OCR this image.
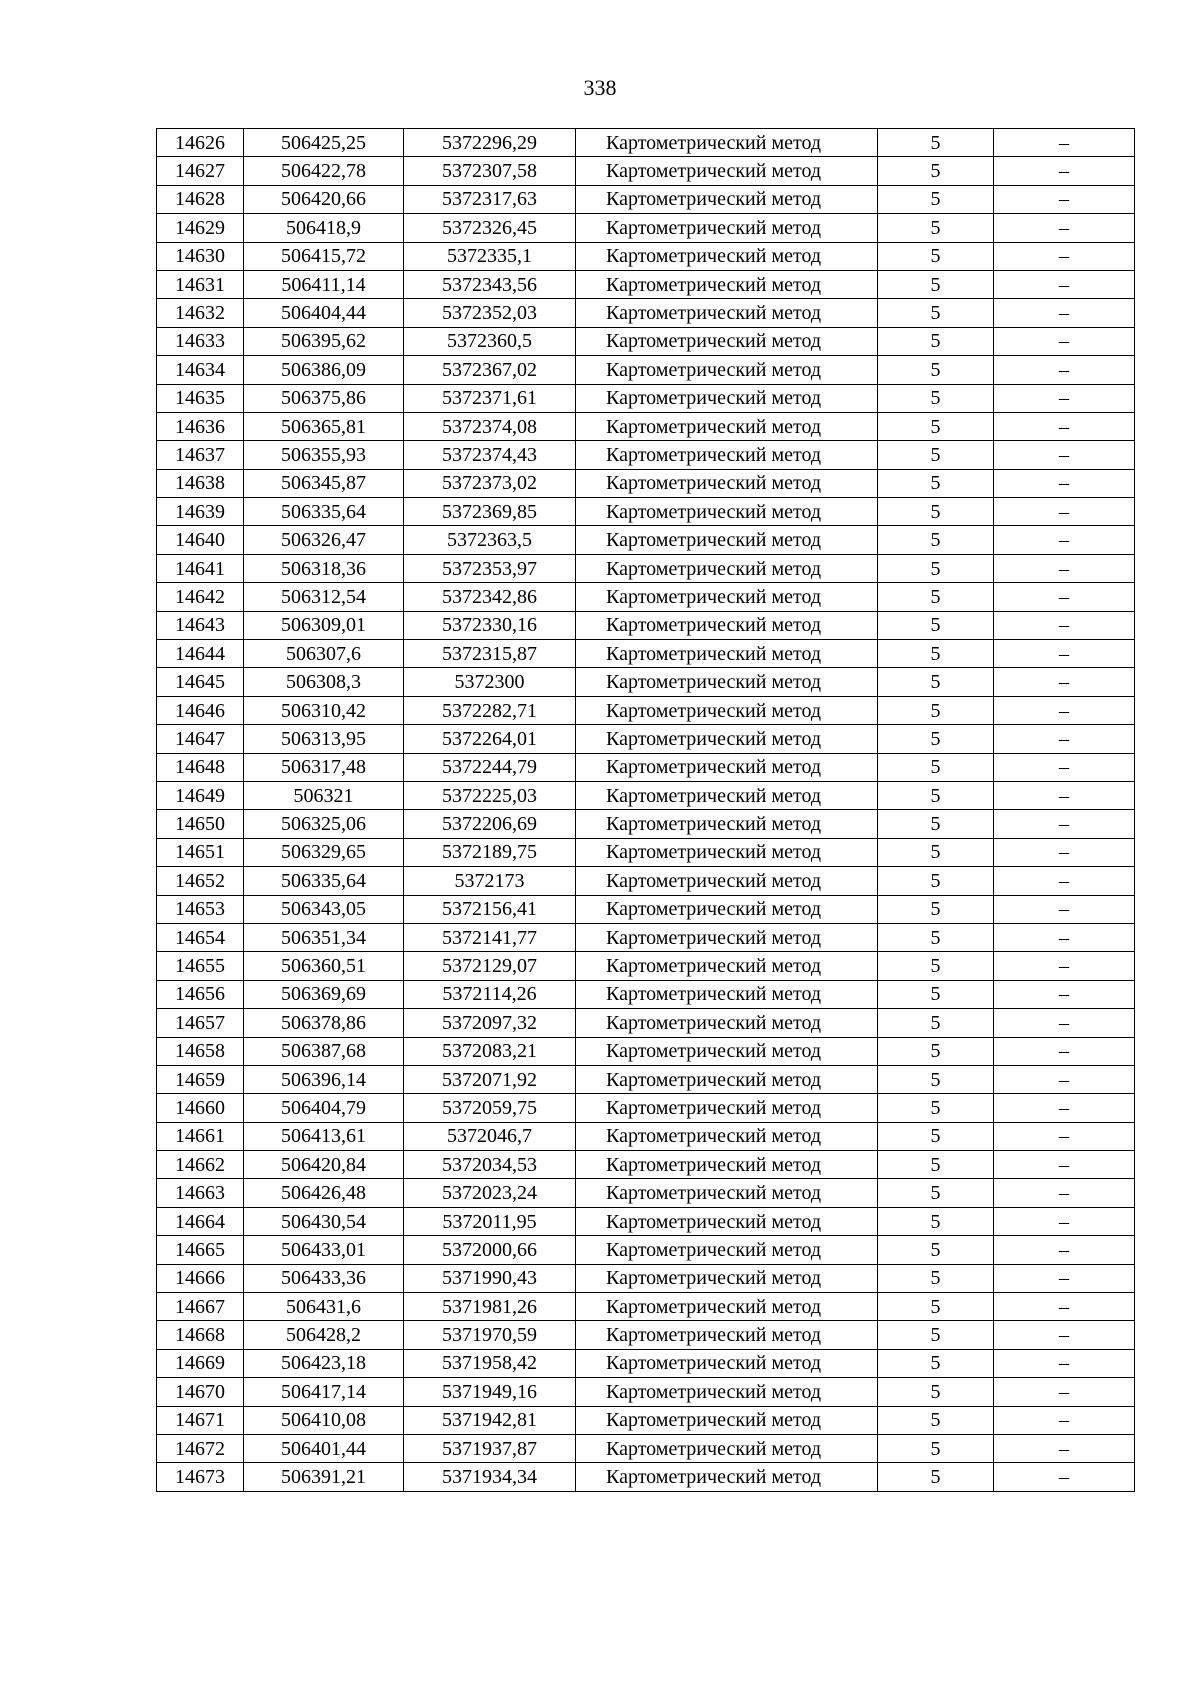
338
14626	506425,25	5372296,29	Картометрический метод	5	–
14627	506422,78	5372307,58	Картометрический метод	5	–
14628	506420,66	5372317,63	Картометрический метод	5	–
14629	506418,9	5372326,45	Картометрический метод	5	–
14630	506415,72	5372335,1	Картометрический метод	5	–
14631	506411,14	5372343,56	Картометрический метод	5	–
14632	506404,44	5372352,03	Картометрический метод	5	–
14633	506395,62	5372360,5	Картометрический метод	5	–
14634	506386,09	5372367,02	Картометрический метод	5	–
14635	506375,86	5372371,61	Картометрический метод	5	–
14636	506365,81	5372374,08	Картометрический метод	5	–
14637	506355,93	5372374,43	Картометрический метод	5	–
14638	506345,87	5372373,02	Картометрический метод	5	–
14639	506335,64	5372369,85	Картометрический метод	5	–
14640	506326,47	5372363,5	Картометрический метод	5	–
14641	506318,36	5372353,97	Картометрический метод	5	–
14642	506312,54	5372342,86	Картометрический метод	5	–
14643	506309,01	5372330,16	Картометрический метод	5	–
14644	506307,6	5372315,87	Картометрический метод	5	–
14645	506308,3	5372300	Картометрический метод	5	–
14646	506310,42	5372282,71	Картометрический метод	5	–
14647	506313,95	5372264,01	Картометрический метод	5	–
14648	506317,48	5372244,79	Картометрический метод	5	–
14649	506321	5372225,03	Картометрический метод	5	–
14650	506325,06	5372206,69	Картометрический метод	5	–
14651	506329,65	5372189,75	Картометрический метод	5	–
14652	506335,64	5372173	Картометрический метод	5	–
14653	506343,05	5372156,41	Картометрический метод	5	–
14654	506351,34	5372141,77	Картометрический метод	5	–
14655	506360,51	5372129,07	Картометрический метод	5	–
14656	506369,69	5372114,26	Картометрический метод	5	–
14657	506378,86	5372097,32	Картометрический метод	5	–
14658	506387,68	5372083,21	Картометрический метод	5	–
14659	506396,14	5372071,92	Картометрический метод	5	–
14660	506404,79	5372059,75	Картометрический метод	5	–
14661	506413,61	5372046,7	Картометрический метод	5	–
14662	506420,84	5372034,53	Картометрический метод	5	–
14663	506426,48	5372023,24	Картометрический метод	5	–
14664	506430,54	5372011,95	Картометрический метод	5	–
14665	506433,01	5372000,66	Картометрический метод	5	–
14666	506433,36	5371990,43	Картометрический метод	5	–
14667	506431,6	5371981,26	Картометрический метод	5	–
14668	506428,2	5371970,59	Картометрический метод	5	–
14669	506423,18	5371958,42	Картометрический метод	5	–
14670	506417,14	5371949,16	Картометрический метод	5	–
14671	506410,08	5371942,81	Картометрический метод	5	–
14672	506401,44	5371937,87	Картометрический метод	5	–
14673	506391,21	5371934,34	Картометрический метод	5	–
